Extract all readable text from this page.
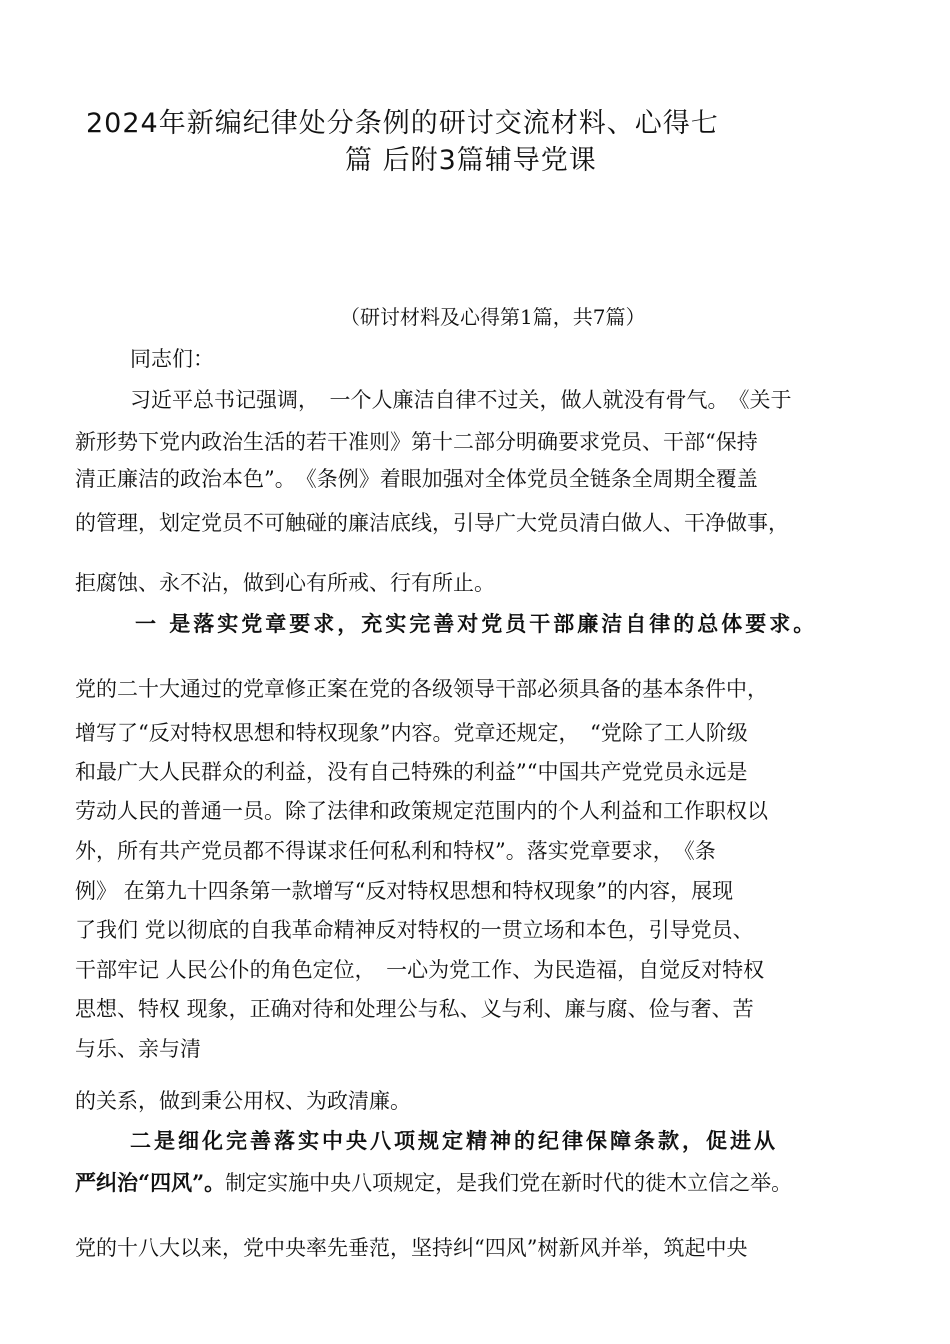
2024年新编纪律处分条例的研讨交流材料、心得七
篇 后附3篇辅导党课
（研讨材料及心得第1篇，共7篇）
同志们：
习近平总书记强调，　一个人廉洁自律不过关，做人就没有骨气。　《关于
新形势下党内政治生活的若干准则》第十二部分明确要求党员、干部“保持
清正廉洁的政治本色”。　《条例》着眼加强对全体党员全链条全周期全覆盖
的管理，划定党员不可触碰的廉洁底线，引导广大党员清白做人、干净做事，
拒腐蚀、永不沾，做到心有所戒、行有所止。
一 是落实党章要求，充实完善对党员干部廉洁自律的总体要求。
党的二十大通过的党章修正案在党的各级领导干部必须具备的基本条件中，
增写了“反对特权思想和特权现象”内容。党章还规定，　“党除了工人阶级
和最广大人民群众的利益，没有自己特殊的利益”“中国共产党党员永远是
劳动人民的普通一员。除了法律和政策规定范围内的个人利益和工作职权以
外，所有共产党员都不得谋求任何私利和特权”。落实党章要求，　《条
例》 在第九十四条第一款增写“反对特权思想和特权现象”的内容，展现
了我们 党以彻底的自我革命精神反对特权的一贯立场和本色，引导党员、
干部牢记 人民公仆的角色定位，　一心为党工作、为民造福，自觉反对特权
思想、特权 现象，正确对待和处理公与私、义与利、廉与腐、俭与奢、苦
与乐、亲与清
的关系，做到秉公用权、为政清廉。
二是细化完善落实中央八项规定精神的纪律保障条款，促进从
严纠治“四风”。制定实施中央八项规定，是我们党在新时代的徙木立信之举。
党的十八大以来，党中央率先垂范，坚持纠“四风”树新风并举，筑起中央
